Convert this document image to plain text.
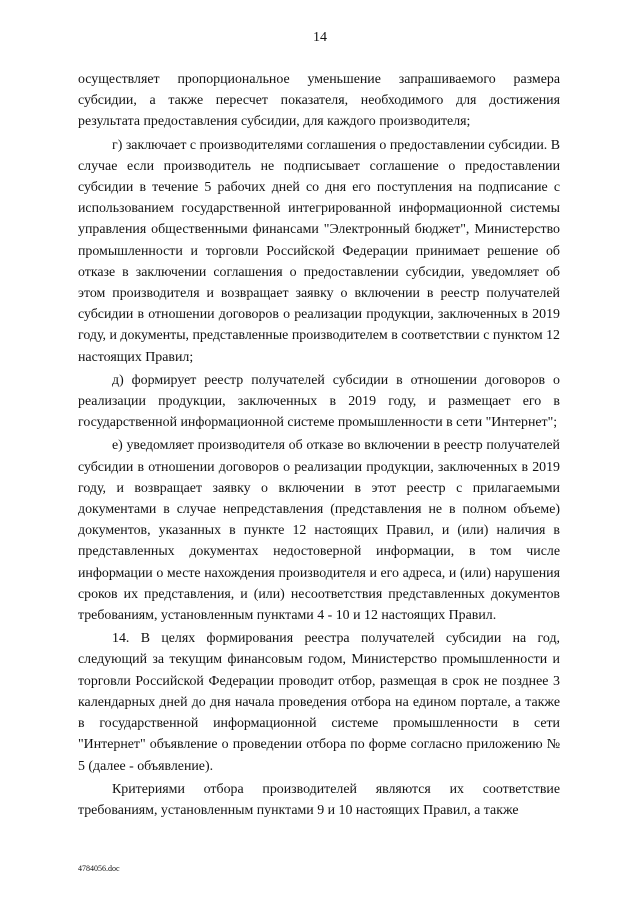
14

осуществляет пропорциональное уменьшение запрашиваемого размера субсидии, а также пересчет показателя, необходимого для достижения результата предоставления субсидии, для каждого производителя;

г) заключает с производителями соглашения о предоставлении субсидии. В случае если производитель не подписывает соглашение о предоставлении субсидии в течение 5 рабочих дней со дня его поступления на подписание с использованием государственной интегрированной информационной системы управления общественными финансами "Электронный бюджет", Министерство промышленности и торговли Российской Федерации принимает решение об отказе в заключении соглашения о предоставлении субсидии, уведомляет об этом производителя и возвращает заявку о включении в реестр получателей субсидии в отношении договоров о реализации продукции, заключенных в 2019 году, и документы, представленные производителем в соответствии с пунктом 12 настоящих Правил;

д) формирует реестр получателей субсидии в отношении договоров о реализации продукции, заключенных в 2019 году, и размещает его в государственной информационной системе промышленности в сети "Интернет";

е) уведомляет производителя об отказе во включении в реестр получателей субсидии в отношении договоров о реализации продукции, заключенных в 2019 году, и возвращает заявку о включении в этот реестр с прилагаемыми документами в случае непредставления (представления не в полном объеме) документов, указанных в пункте 12 настоящих Правил, и (или) наличия в представленных документах недостоверной информации, в том числе информации о месте нахождения производителя и его адреса, и (или) нарушения сроков их представления, и (или) несоответствия представленных документов требованиям, установленным пунктами 4 - 10 и 12 настоящих Правил.

14. В целях формирования реестра получателей субсидии на год, следующий за текущим финансовым годом, Министерство промышленности и торговли Российской Федерации проводит отбор, размещая в срок не позднее 3 календарных дней до дня начала проведения отбора на едином портале, а также в государственной информационной системе промышленности в сети "Интернет" объявление о проведении отбора по форме согласно приложению № 5 (далее - объявление).

Критериями отбора производителей являются их соответствие требованиям, установленным пунктами 9 и 10 настоящих Правил, а также

4784056.doc
